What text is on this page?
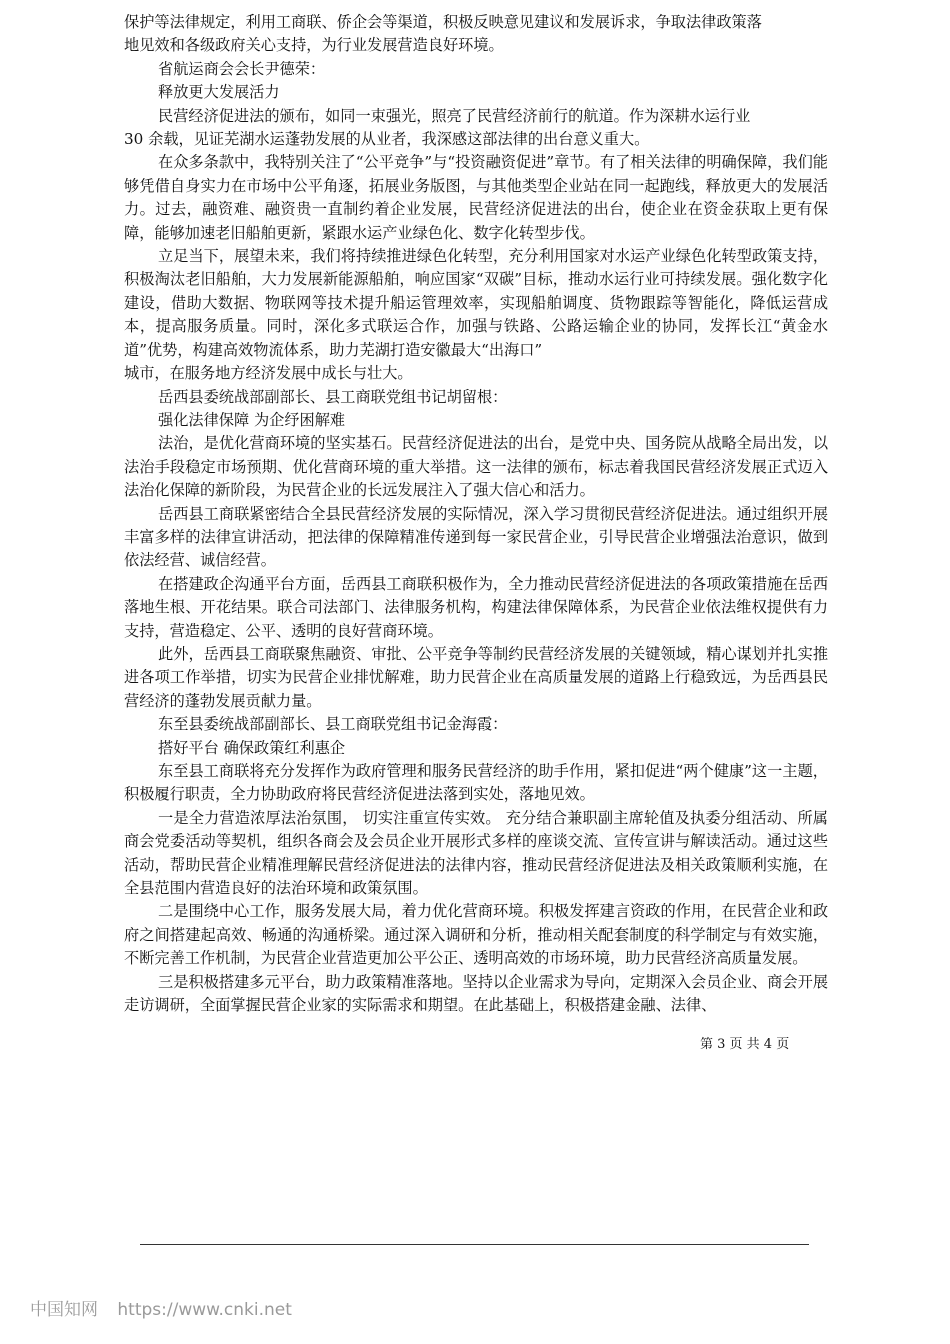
保护等法律规定，利用工商联、侨企会等渠道，积极反映意见建议和发展诉求，争取法律政策落

地见效和各级政府关心支持，为行业发展营造良好环境。

省航运商会会长尹德荣：

释放更大发展活力

民营经济促进法的颁布，如同一束强光，照亮了民营经济前行的航道。作为深耕水运行业

30 余载，见证芜湖水运蓬勃发展的从业者，我深感这部法律的出台意义重大。

在众多条款中，我特别关注了“公平竞争”与“投资融资促进”章节。有了相关法律的明确保障，我们能够凭借自身实力在市场中公平角逐，拓展业务版图，与其他类型企业站在同一起跑线，释放更大的发展活力。过去，融资难、融资贵一直制约着企业发展，民营经济促进法的出台，使企业在资金获取上更有保障，能够加速老旧船舶更新，紧跟水运产业绿色化、数字化转型步伐。

立足当下，展望未来，我们将持续推进绿色化转型，充分利用国家对水运产业绿色化转型政策支持，积极淘汰老旧船舶，大力发展新能源船舶，响应国家“双碳”目标，推动水运行业可持续发展。强化数字化建设，借助大数据、物联网等技术提升船运管理效率，实现船舶调度、货物跟踪等智能化，降低运营成本，提高服务质量。同时，深化多式联运合作，加强与铁路、公路运输企业的协同，发挥长江“黄金水道”优势，构建高效物流体系，助力芜湖打造安徽最大“出海口”

城市，在服务地方经济发展中成长与壮大。

岳西县委统战部副部长、县工商联党组书记胡留根：

强化法律保障 为企纾困解难

法治，是优化营商环境的坚实基石。民营经济促进法的出台，是党中央、国务院从战略全局出发，以法治手段稳定市场预期、优化营商环境的重大举措。这一法律的颁布，标志着我国民营经济发展正式迈入法治化保障的新阶段，为民营企业的长远发展注入了强大信心和活力。

岳西县工商联紧密结合全县民营经济发展的实际情况，深入学习贯彻民营经济促进法。通过组织开展丰富多样的法律宣讲活动，把法律的保障精准传递到每一家民营企业，引导民营企业增强法治意识，做到依法经营、诚信经营。

在搭建政企沟通平台方面，岳西县工商联积极作为，全力推动民营经济促进法的各项政策措施在岳西落地生根、开花结果。联合司法部门、法律服务机构，构建法律保障体系，为民营企业依法维权提供有力支持，营造稳定、公平、透明的良好营商环境。

此外，岳西县工商联聚焦融资、审批、公平竞争等制约民营经济发展的关键领域，精心谋划并扎实推进各项工作举措，切实为民营企业排忧解难，助力民营企业在高质量发展的道路上行稳致远，为岳西县民营经济的蓬勃发展贡献力量。

东至县委统战部副部长、县工商联党组书记金海霞：

搭好平台 确保政策红利惠企

东至县工商联将充分发挥作为政府管理和服务民营经济的助手作用，紧扣促进“两个健康”这一主题，积极履行职责，全力协助政府将民营经济促进法落到实处，落地见效。

一是全力营造浓厚法治氛围， 切实注重宣传实效。 充分结合兼职副主席轮值及执委分组活动、所属商会党委活动等契机，组织各商会及会员企业开展形式多样的座谈交流、宣传宣讲与解读活动。通过这些活动，帮助民营企业精准理解民营经济促进法的法律内容，推动民营经济促进法及相关政策顺利实施，在全县范围内营造良好的法治环境和政策氛围。

二是围绕中心工作，服务发展大局，着力优化营商环境。积极发挥建言资政的作用，在民营企业和政府之间搭建起高效、畅通的沟通桥梁。通过深入调研和分析，推动相关配套制度的科学制定与有效实施，不断完善工作机制，为民营企业营造更加公平公正、透明高效的市场环境，助力民营经济高质量发展。

三是积极搭建多元平台，助力政策精准落地。坚持以企业需求为导向，定期深入会员企业、商会开展走访调研，全面掌握民营企业家的实际需求和期望。在此基础上，积极搭建金融、法律、

第 3 页 共 4 页
中国知网 https://www.cnki.net
